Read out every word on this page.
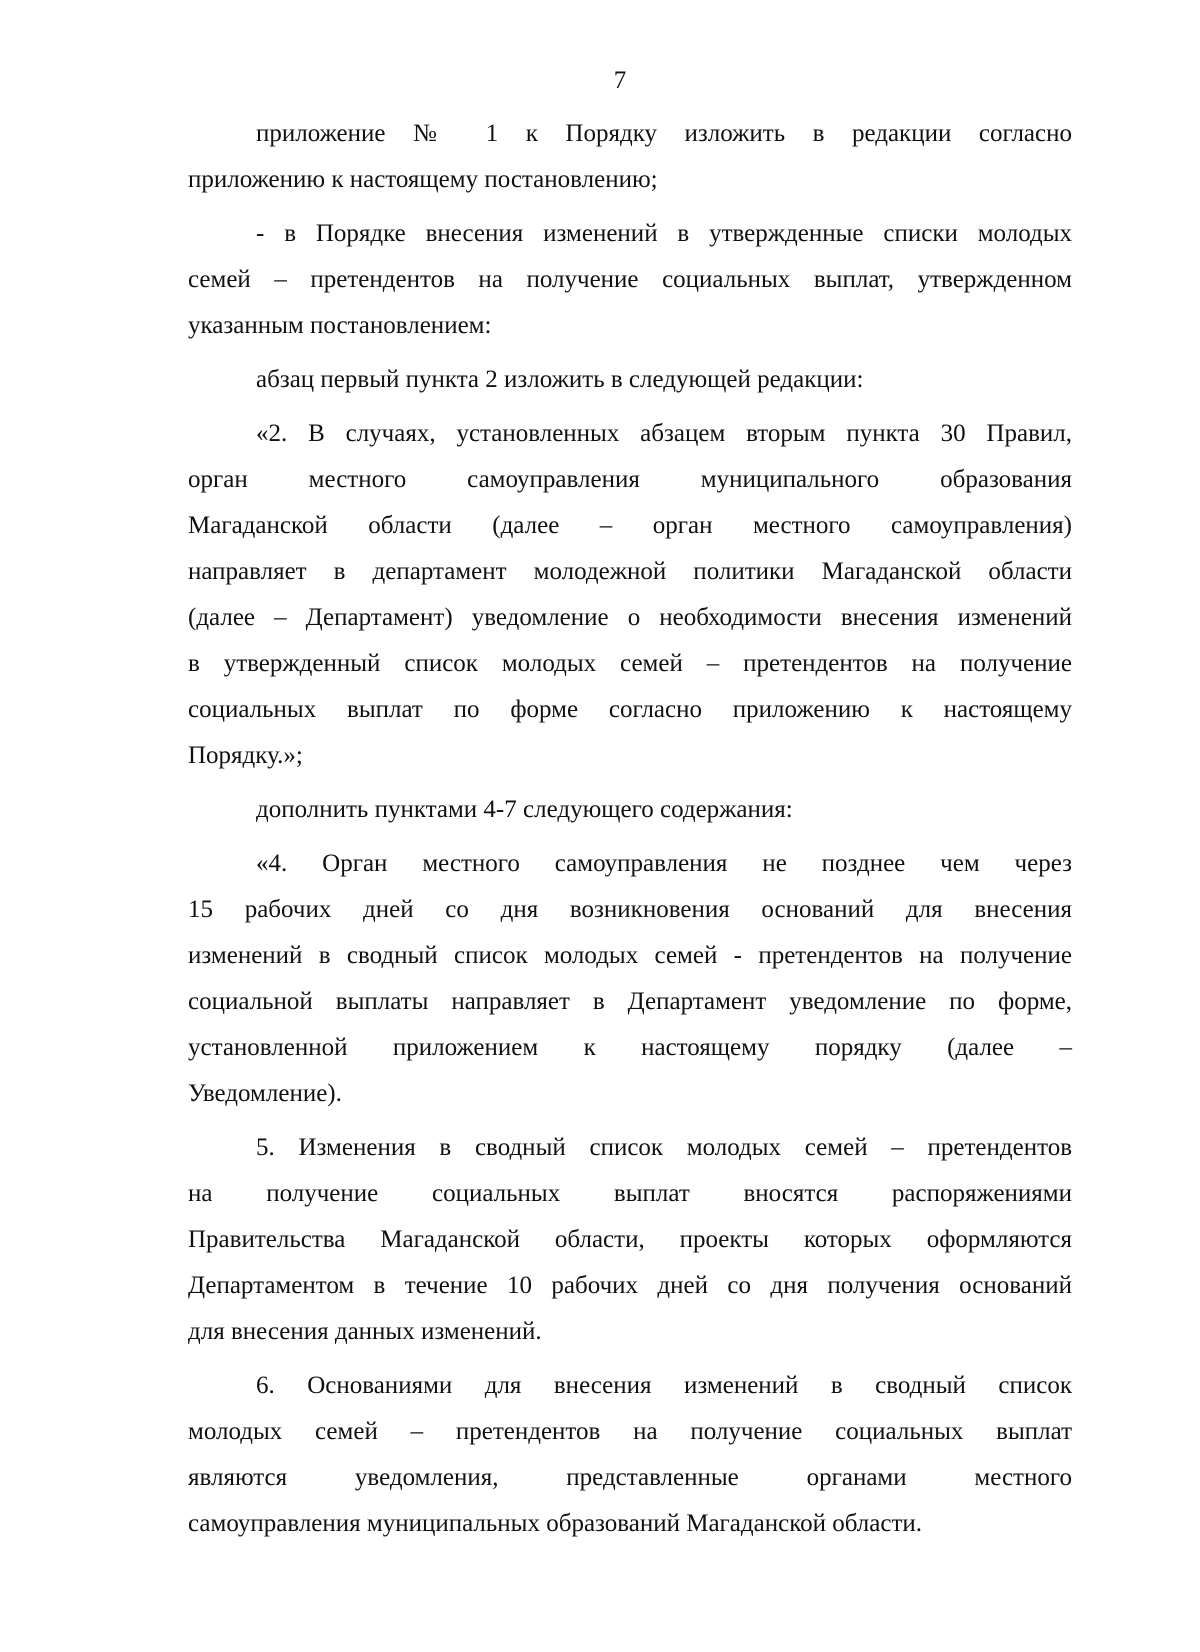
7
приложение № 1 к Порядку изложить в редакции согласно
приложению к настоящему постановлению;
- в Порядке внесения изменений в утвержденные списки молодых
семей – претендентов на получение социальных выплат, утвержденном
указанным постановлением:
абзац первый пункта 2 изложить в следующей редакции:
«2. В случаях, установленных абзацем вторым пункта 30 Правил,
орган местного самоуправления муниципального образования
Магаданской области (далее – орган местного самоуправления)
направляет в департамент молодежной политики Магаданской области
(далее – Департамент) уведомление о необходимости внесения изменений
в утвержденный список молодых семей – претендентов на получение
социальных выплат по форме согласно приложению к настоящему
Порядку.»;
дополнить пунктами 4-7 следующего содержания:
«4. Орган местного самоуправления не позднее чем через
15 рабочих дней со дня возникновения оснований для внесения
изменений в сводный список молодых семей - претендентов на получение
социальной выплаты направляет в Департамент уведомление по форме,
установленной приложением к настоящему порядку (далее –
Уведомление).
5. Изменения в сводный список молодых семей – претендентов
на получение социальных выплат вносятся распоряжениями
Правительства Магаданской области, проекты которых оформляются
Департаментом в течение 10 рабочих дней со дня получения оснований
для внесения данных изменений.
6. Основаниями для внесения изменений в сводный список
молодых семей – претендентов на получение социальных выплат
являются уведомления, представленные органами местного
самоуправления муниципальных образований Магаданской области.
